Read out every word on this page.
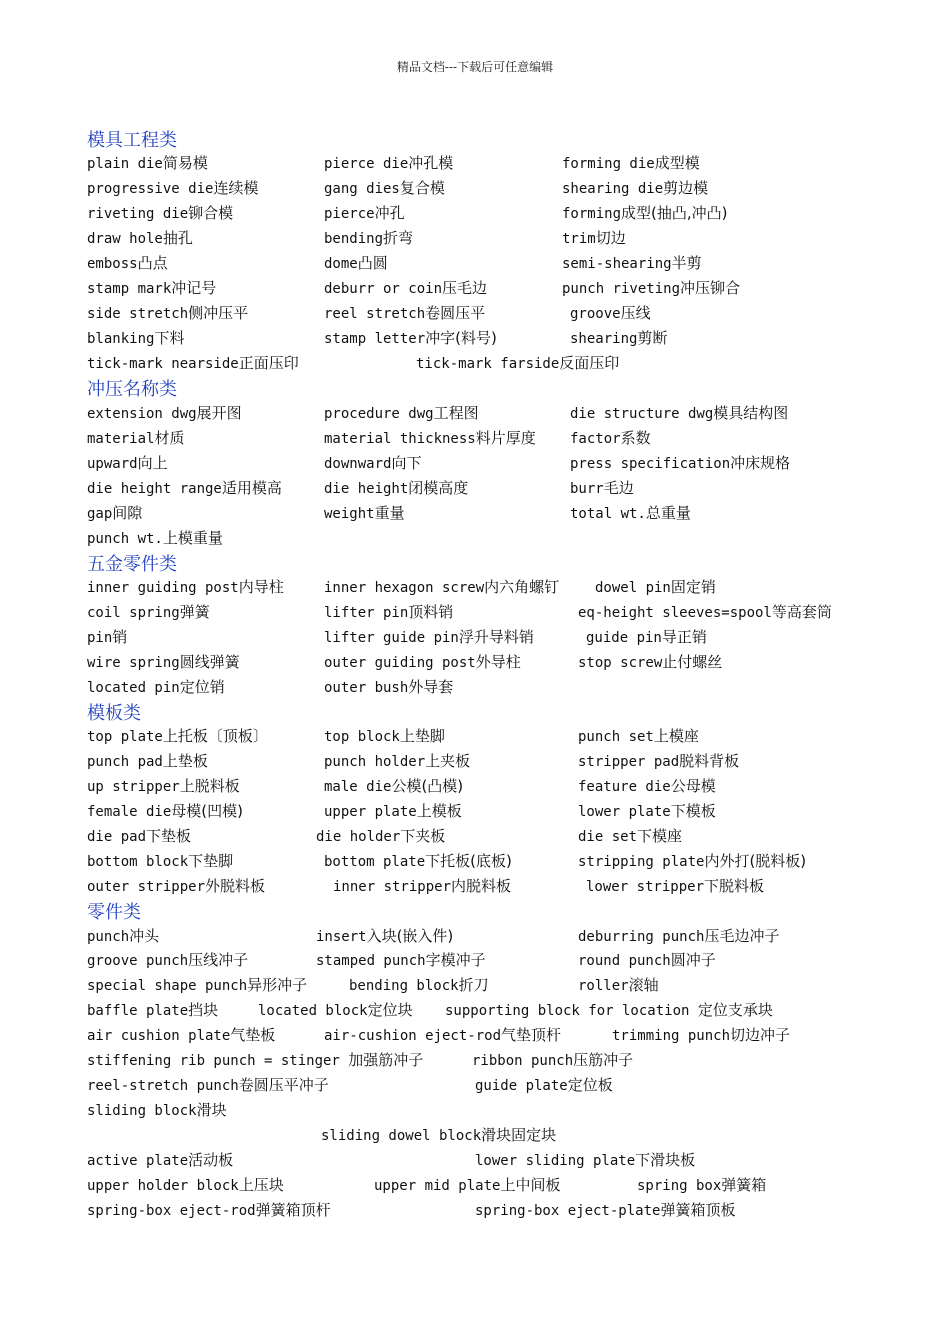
精品文档---下载后可任意编辑
模具工程类
plain die简易模	pierce die冲孔模	forming die成型模
progressive die连续模	gang dies复合模	shearing die剪边模
riveting die铆合模	pierce冲孔	forming成型(抽凸,冲凸)
draw hole抽孔	bending折弯	trim切边
emboss凸点	dome凸圆	semi-shearing半剪
stamp mark冲记号	deburr or coin压毛边	punch riveting冲压铆合
side stretch侧冲压平	reel stretch卷圆压平	groove压线
blanking下料	stamp letter冲字(料号)	shearing剪断
tick-mark nearside正面压印	tick-mark farside反面压印
冲压名称类
extension dwg展开图	procedure dwg工程图	die structure dwg模具结构图
material材质	material thickness料片厚度 factor系数
upward向上	downward向下	press specification冲床规格
die height range适用模高	die height闭模高度	burr毛边
gap间隙	weight重量	total wt.总重量
punch wt.上模重量
五金零件类
inner guiding post内导柱	inner hexagon screw内六角螺钉	dowel pin固定销
coil spring弹簧	lifter pin顶料销	eq-height sleeves=spool等高套筒
pin销	lifter guide pin浮升导料销	guide pin导正销
wire spring圆线弹簧	outer guiding post外导柱	stop screw止付螺丝
located pin定位销	outer bush外导套
模板类
top plate上托板〔顶板〕	top block上垫脚	punch set上模座
punch pad上垫板	punch holder上夹板	stripper pad脱料背板
up stripper上脱料板	male die公模(凸模)	feature die公母模
female die母模(凹模)	upper plate上模板	lower plate下模板
die pad下垫板	die holder下夹板	die set下模座
bottom block下垫脚	bottom plate下托板(底板)	stripping plate内外打(脱料板)
outer stripper外脱料板	inner stripper内脱料板	lower stripper下脱料板
零件类
punch冲头	insert入块(嵌入件)	deburring punch压毛边冲子
groove punch压线冲子	stamped punch字模冲子	round punch圆冲子
special shape punch异形冲子	bending block折刀	roller滚轴
baffle plate挡块	located block定位块 supporting block for location 定位支承块
air cushion plate气垫板	air-cushion eject-rod气垫顶杆	trimming punch切边冲子
stiffening rib punch = stinger 加强筋冲子	ribbon punch压筋冲子
reel-stretch punch卷圆压平冲子	guide plate定位板
sliding block滑块
sliding dowel block滑块固定块
active plate活动板	lower sliding plate下滑块板
upper holder block上压块	upper mid plate上中间板	spring box弹簧箱
spring-box eject-rod弹簧箱顶杆	spring-box eject-plate弹簧箱顶板
